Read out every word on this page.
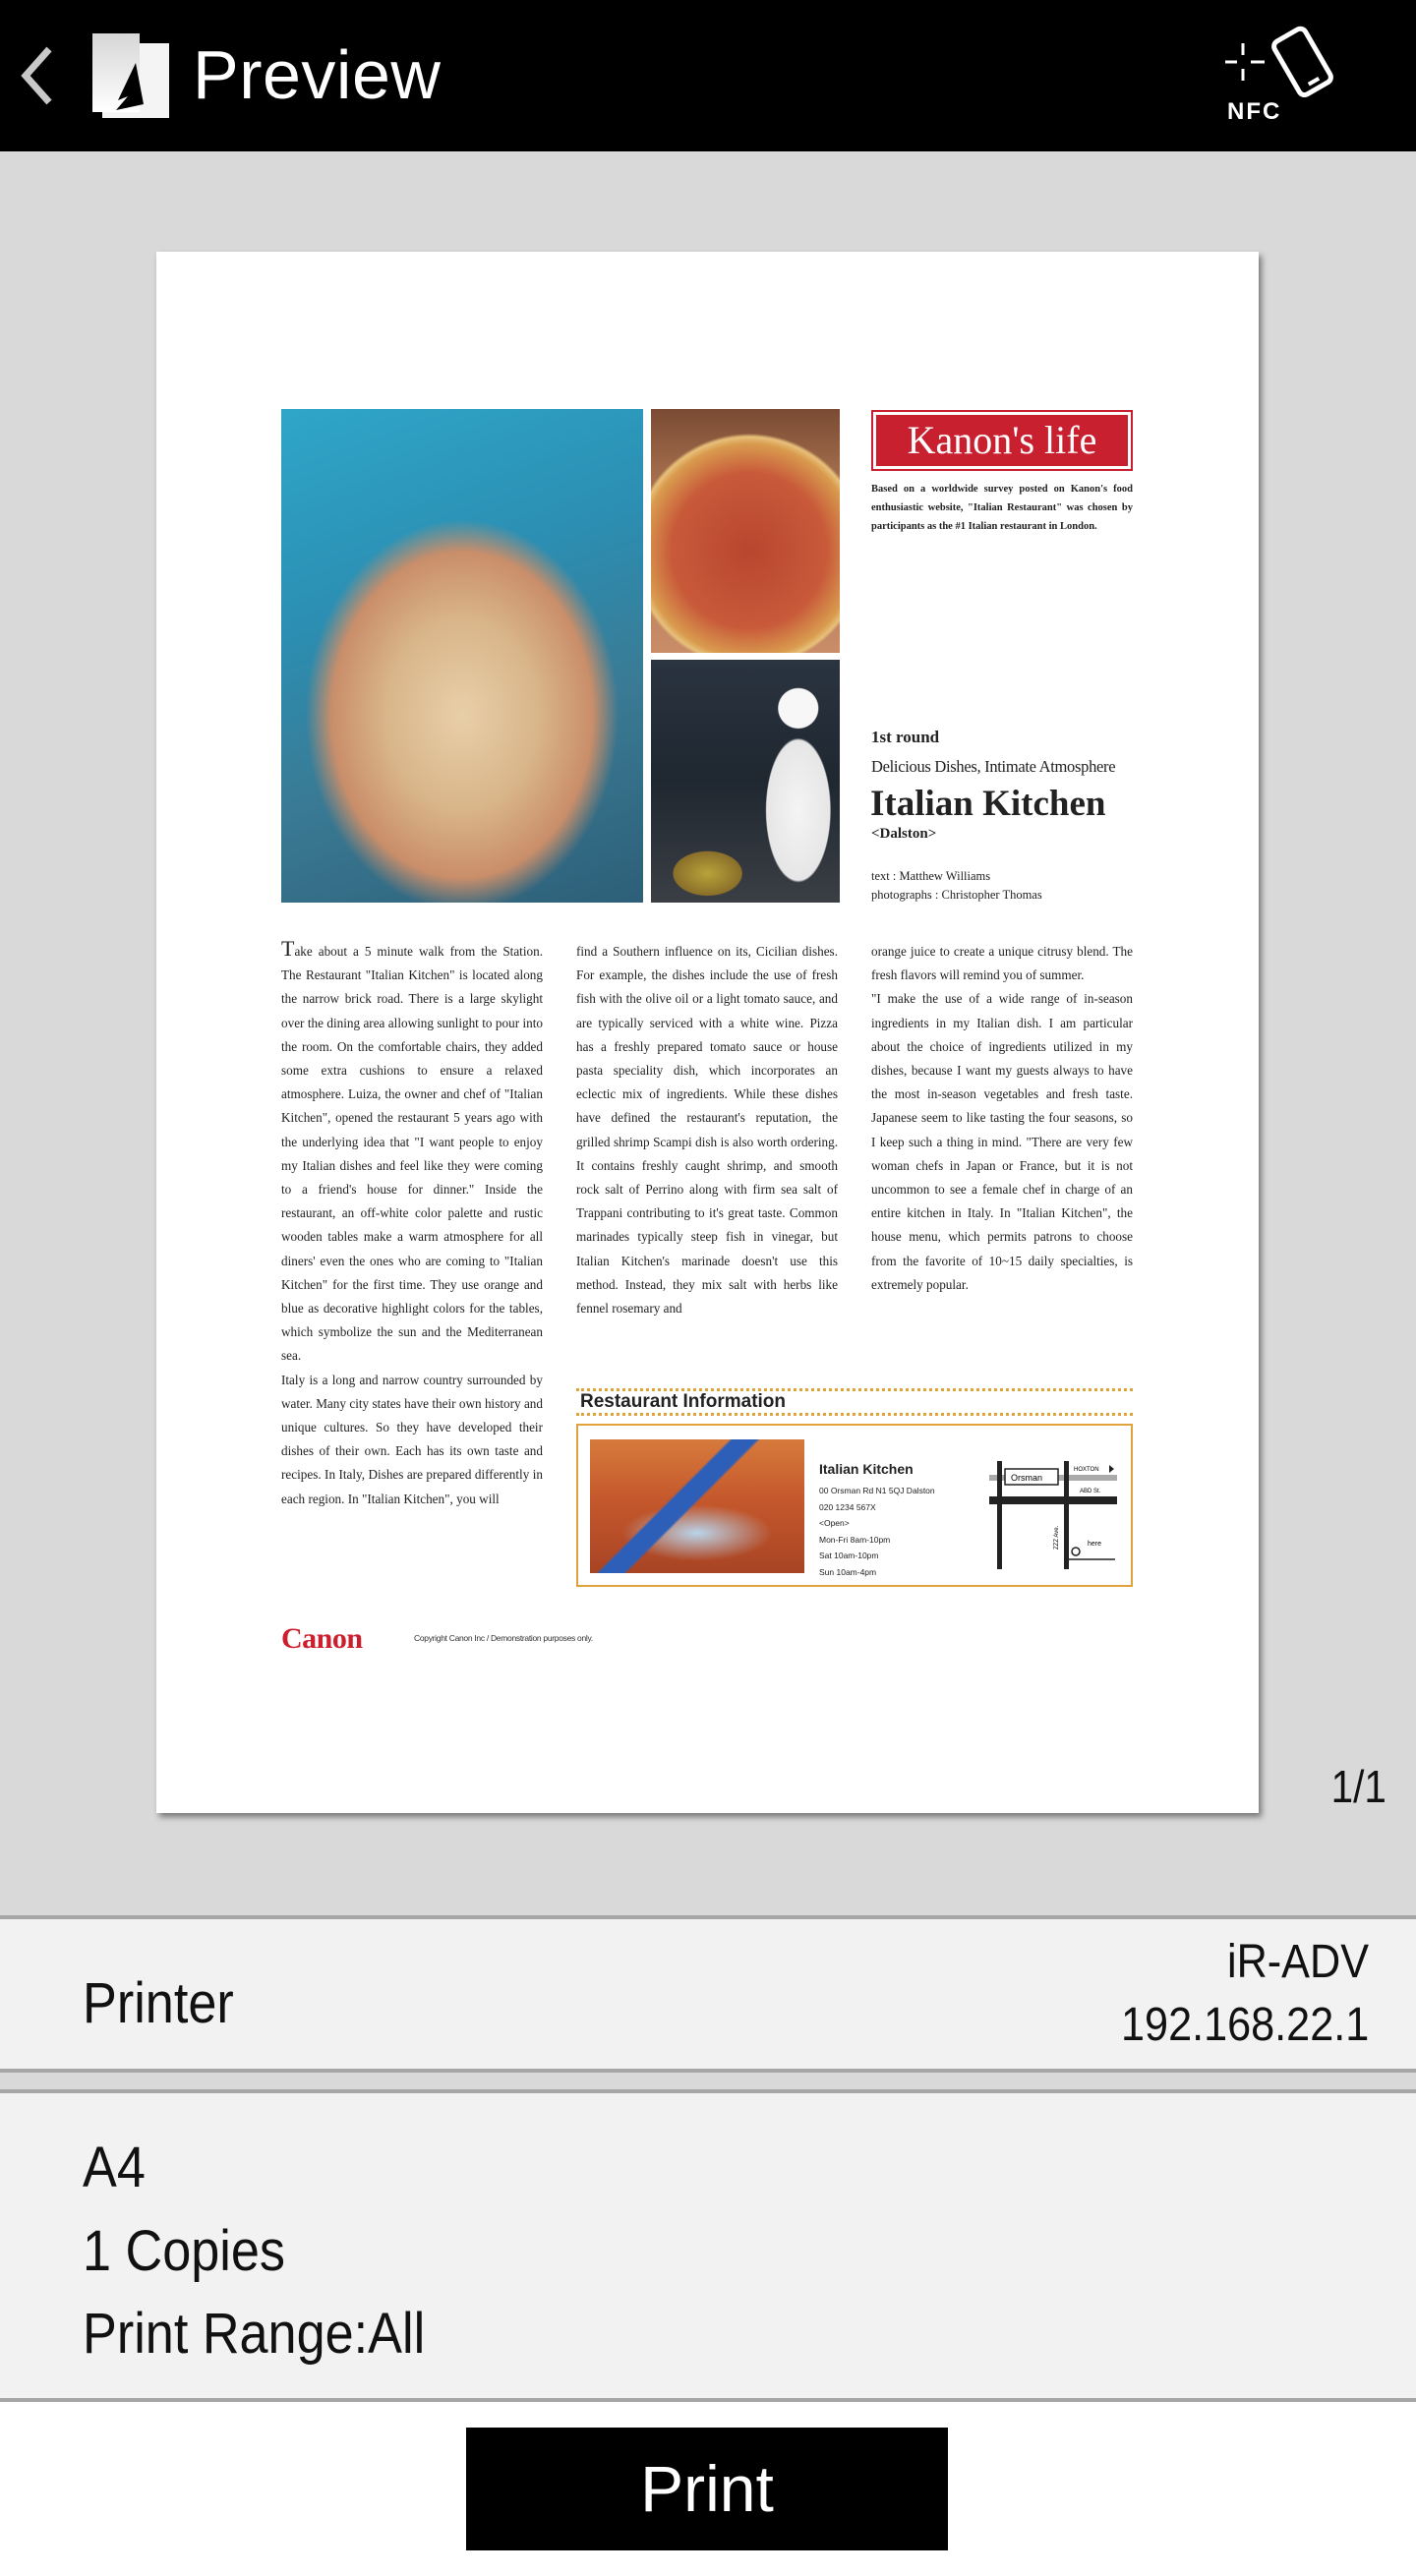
Preview	NFC
Kanon's life
Based on a worldwide survey posted on Kanon's food enthusiastic website, "Italian Restaurant" was chosen by participants as the #1 Italian restaurant in London.
1st round
Delicious Dishes, Intimate Atmosphere
Italian Kitchen
<Dalston>
text : Matthew Williams
photographs : Christopher Thomas

Take about a 5 minute walk from the Station. The Restaurant "Italian Kitchen" is located along the narrow brick road. There is a large skylight over the dining area allowing sunlight to pour into the room. On the comfortable chairs, they added some extra cushions to ensure a relaxed atmosphere. Luiza, the owner and chef of "Italian Kitchen", opened the restaurant 5 years ago with the underlying idea that "I want people to enjoy my Italian dishes and feel like they were coming to a friend's house for dinner." Inside the restaurant, an off-white color palette and rustic wooden tables make a warm atmosphere for all diners' even the ones who are coming to "Italian Kitchen" for the first time. They use orange and blue as decorative highlight colors for the tables, which symbolize the sun and the Mediterranean sea.

Italy is a long and narrow country surrounded by water. Many city states have their own history and unique cultures. So they have developed their dishes of their own. Each has its own taste and recipes. In Italy, Dishes are prepared differently in each region. In "Italian Kitchen", you will

find a Southern influence on its, Cicilian dishes. For example, the dishes include the use of fresh fish with the olive oil or a light tomato sauce, and are typically serviced with a white wine. Pizza has a freshly prepared tomato sauce or house pasta speciality dish, which incorporates an eclectic mix of ingredients. While these dishes have defined the restaurant's reputation, the grilled shrimp Scampi dish is also worth ordering. It contains freshly caught shrimp, and smooth rock salt of Perrino along with firm sea salt of Trappani contributing to it's great taste. Common marinades typically steep fish in vinegar, but Italian Kitchen's marinade doesn't use this method. Instead, they mix salt with herbs like fennel rosemary and

orange juice to create a unique citrusy blend. The fresh flavors will remind you of summer.

"I make the use of a wide range of in-season ingredients in my Italian dish. I am particular about the choice of ingredients utilized in my dishes, because I want my guests always to have the most in-season vegetables and fresh taste. Japanese seem to like tasting the four seasons, so I keep such a thing in mind. "There are very few woman chefs in Japan or France, but it is not uncommon to see a female chef in charge of an entire kitchen in Italy. In "Italian Kitchen", the house menu, which permits patrons to choose from the favorite of 10~15 daily specialties, is extremely popular.

Restaurant Information
Italian Kitchen
00 Orsman Rd N1 5QJ Dalston
020 1234 567X
<Open>
Mon-Fri 8am-10pm
Sat 10am-10pm
Sun 10am-4pm
Orsman
HOXTON
ABD St.
ZZZ Ave.	here
Canon	Copyright Canon Inc / Demonstration purposes only.
1/1
Printer
iR-ADV
192.168.22.1
A4
1 Copies
Print Range:All
Print
